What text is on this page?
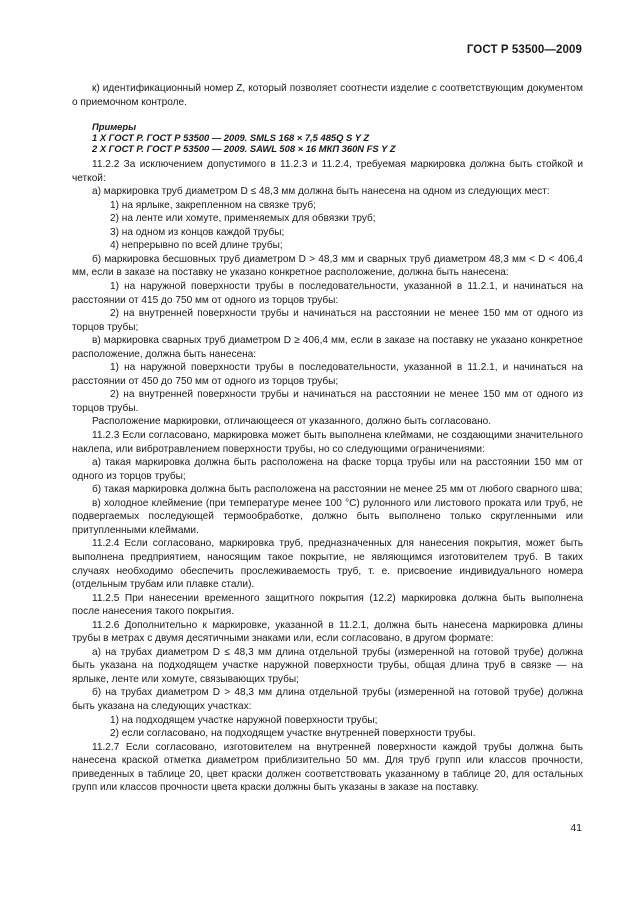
ГОСТ Р 53500—2009

к) идентификационный номер Z, который позволяет соотнести изделие с соответствующим документом о приемочном контроле.

Примеры

1 X ГОСТ Р. ГОСТ Р 53500 — 2009. SMLS 168 × 7,5 485Q S Y Z

2 X ГОСТ Р. ГОСТ Р 53500 — 2009. SAWL 508 × 16 МКП 360N FS Y Z

11.2.2 За исключением допустимого в 11.2.3 и 11.2.4, требуемая маркировка должна быть стойкой и четкой:

а) маркировка труб диаметром D ≤ 48,3 мм должна быть нанесена на одном из следующих мест:

1) на ярлыке, закрепленном на связке труб;

2) на ленте или хомуте, применяемых для обвязки труб;

3) на одном из концов каждой трубы;

4) непрерывно по всей длине трубы;

б) маркировка бесшовных труб диаметром D > 48,3 мм и сварных труб диаметром 48,3 мм < D < 406,4 мм, если в заказе на поставку не указано конкретное расположение, должна быть нанесена:

1) на наружной поверхности трубы в последовательности, указанной в 11.2.1, и начинаться на расстоянии от 415 до 750 мм от одного из торцов трубы:

2) на внутренней поверхности трубы и начинаться на расстоянии не менее 150 мм от одного из торцов трубы;

в) маркировка сварных труб диаметром D ≥ 406,4 мм, если в заказе на поставку не указано конкретное расположение, должна быть нанесена:

1) на наружной поверхности трубы в последовательности, указанной в 11.2.1, и начинаться на расстоянии от 450 до 750 мм от одного из торцов трубы;

2) на внутренней поверхности трубы и начинаться на расстоянии не менее 150 мм от одного из торцов трубы.

Расположение маркировки, отличающееся от указанного, должно быть согласовано.

11.2.3 Если согласовано, маркировка может быть выполнена клеймами, не создающими значительного наклепа, или вибротравлением поверхности трубы, но со следующими ограничениями:

а) такая маркировка должна быть расположена на фаске торца трубы или на расстоянии 150 мм от одного из торцов трубы;

б) такая маркировка должна быть расположена на расстоянии не менее 25 мм от любого сварного шва;

в) холодное клеймение (при температуре менее 100 °С) рулонного или листового проката или труб, не подвергаемых последующей термообработке, должно быть выполнено только скругленными или притупленными клеймами.

11.2.4 Если согласовано, маркировка труб, предназначенных для нанесения покрытия, может быть выполнена предприятием, наносящим такое покрытие, не являющимся изготовителем труб. В таких случаях необходимо обеспечить прослеживаемость труб, т. е. присвоение индивидуального номера (отдельным трубам или плавке стали).

11.2.5 При нанесении временного защитного покрытия (12.2) маркировка должна быть выполнена после нанесения такого покрытия.

11.2.6 Дополнительно к маркировке, указанной в 11.2.1, должна быть нанесена маркировка длины трубы в метрах с двумя десятичными знаками или, если согласовано, в другом формате:

а) на трубах диаметром D ≤ 48,3 мм длина отдельной трубы (измеренной на готовой трубе) должна быть указана на подходящем участке наружной поверхности трубы, общая длина труб в связке — на ярлыке, ленте или хомуте, связывающих трубы;

б) на трубах диаметром D > 48,3 мм длина отдельной трубы (измеренной на готовой трубе) должна быть указана на следующих участках:

1) на подходящем участке наружной поверхности трубы;

2) если согласовано, на подходящем участке внутренней поверхности трубы.

11.2.7 Если согласовано, изготовителем на внутренней поверхности каждой трубы должна быть нанесена краской отметка диаметром приблизительно 50 мм. Для труб групп или классов прочности, приведенных в таблице 20, цвет краски должен соответствовать указанному в таблице 20, для остальных групп или классов прочности цвета краски должны быть указаны в заказе на поставку.

41
